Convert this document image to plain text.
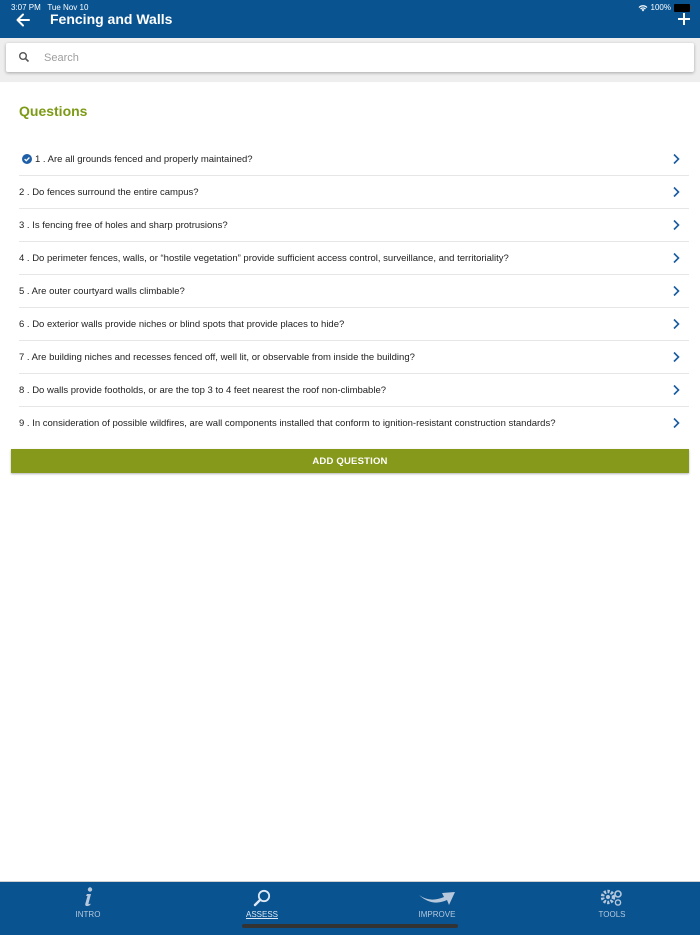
3:07 PM Tue Nov 10	100%
Fencing and Walls
Search
Questions
1 . Are all grounds fenced and properly maintained?
2 . Do fences surround the entire campus?
3 . Is fencing free of holes and sharp protrusions?
4 . Do perimeter fences, walls, or “hostile vegetation” provide sufficient access control, surveillance, and territoriality?
5 . Are outer courtyard walls climbable?
6 . Do exterior walls provide niches or blind spots that provide places to hide?
7 . Are building niches and recesses fenced off, well lit, or observable from inside the building?
8 . Do walls provide footholds, or are the top 3 to 4 feet nearest the roof non-climbable?
9 . In consideration of possible wildfires, are wall components installed that conform to ignition-resistant construction standards?
ADD QUESTION
INTRO	ASSESS	IMPROVE	TOOLS
